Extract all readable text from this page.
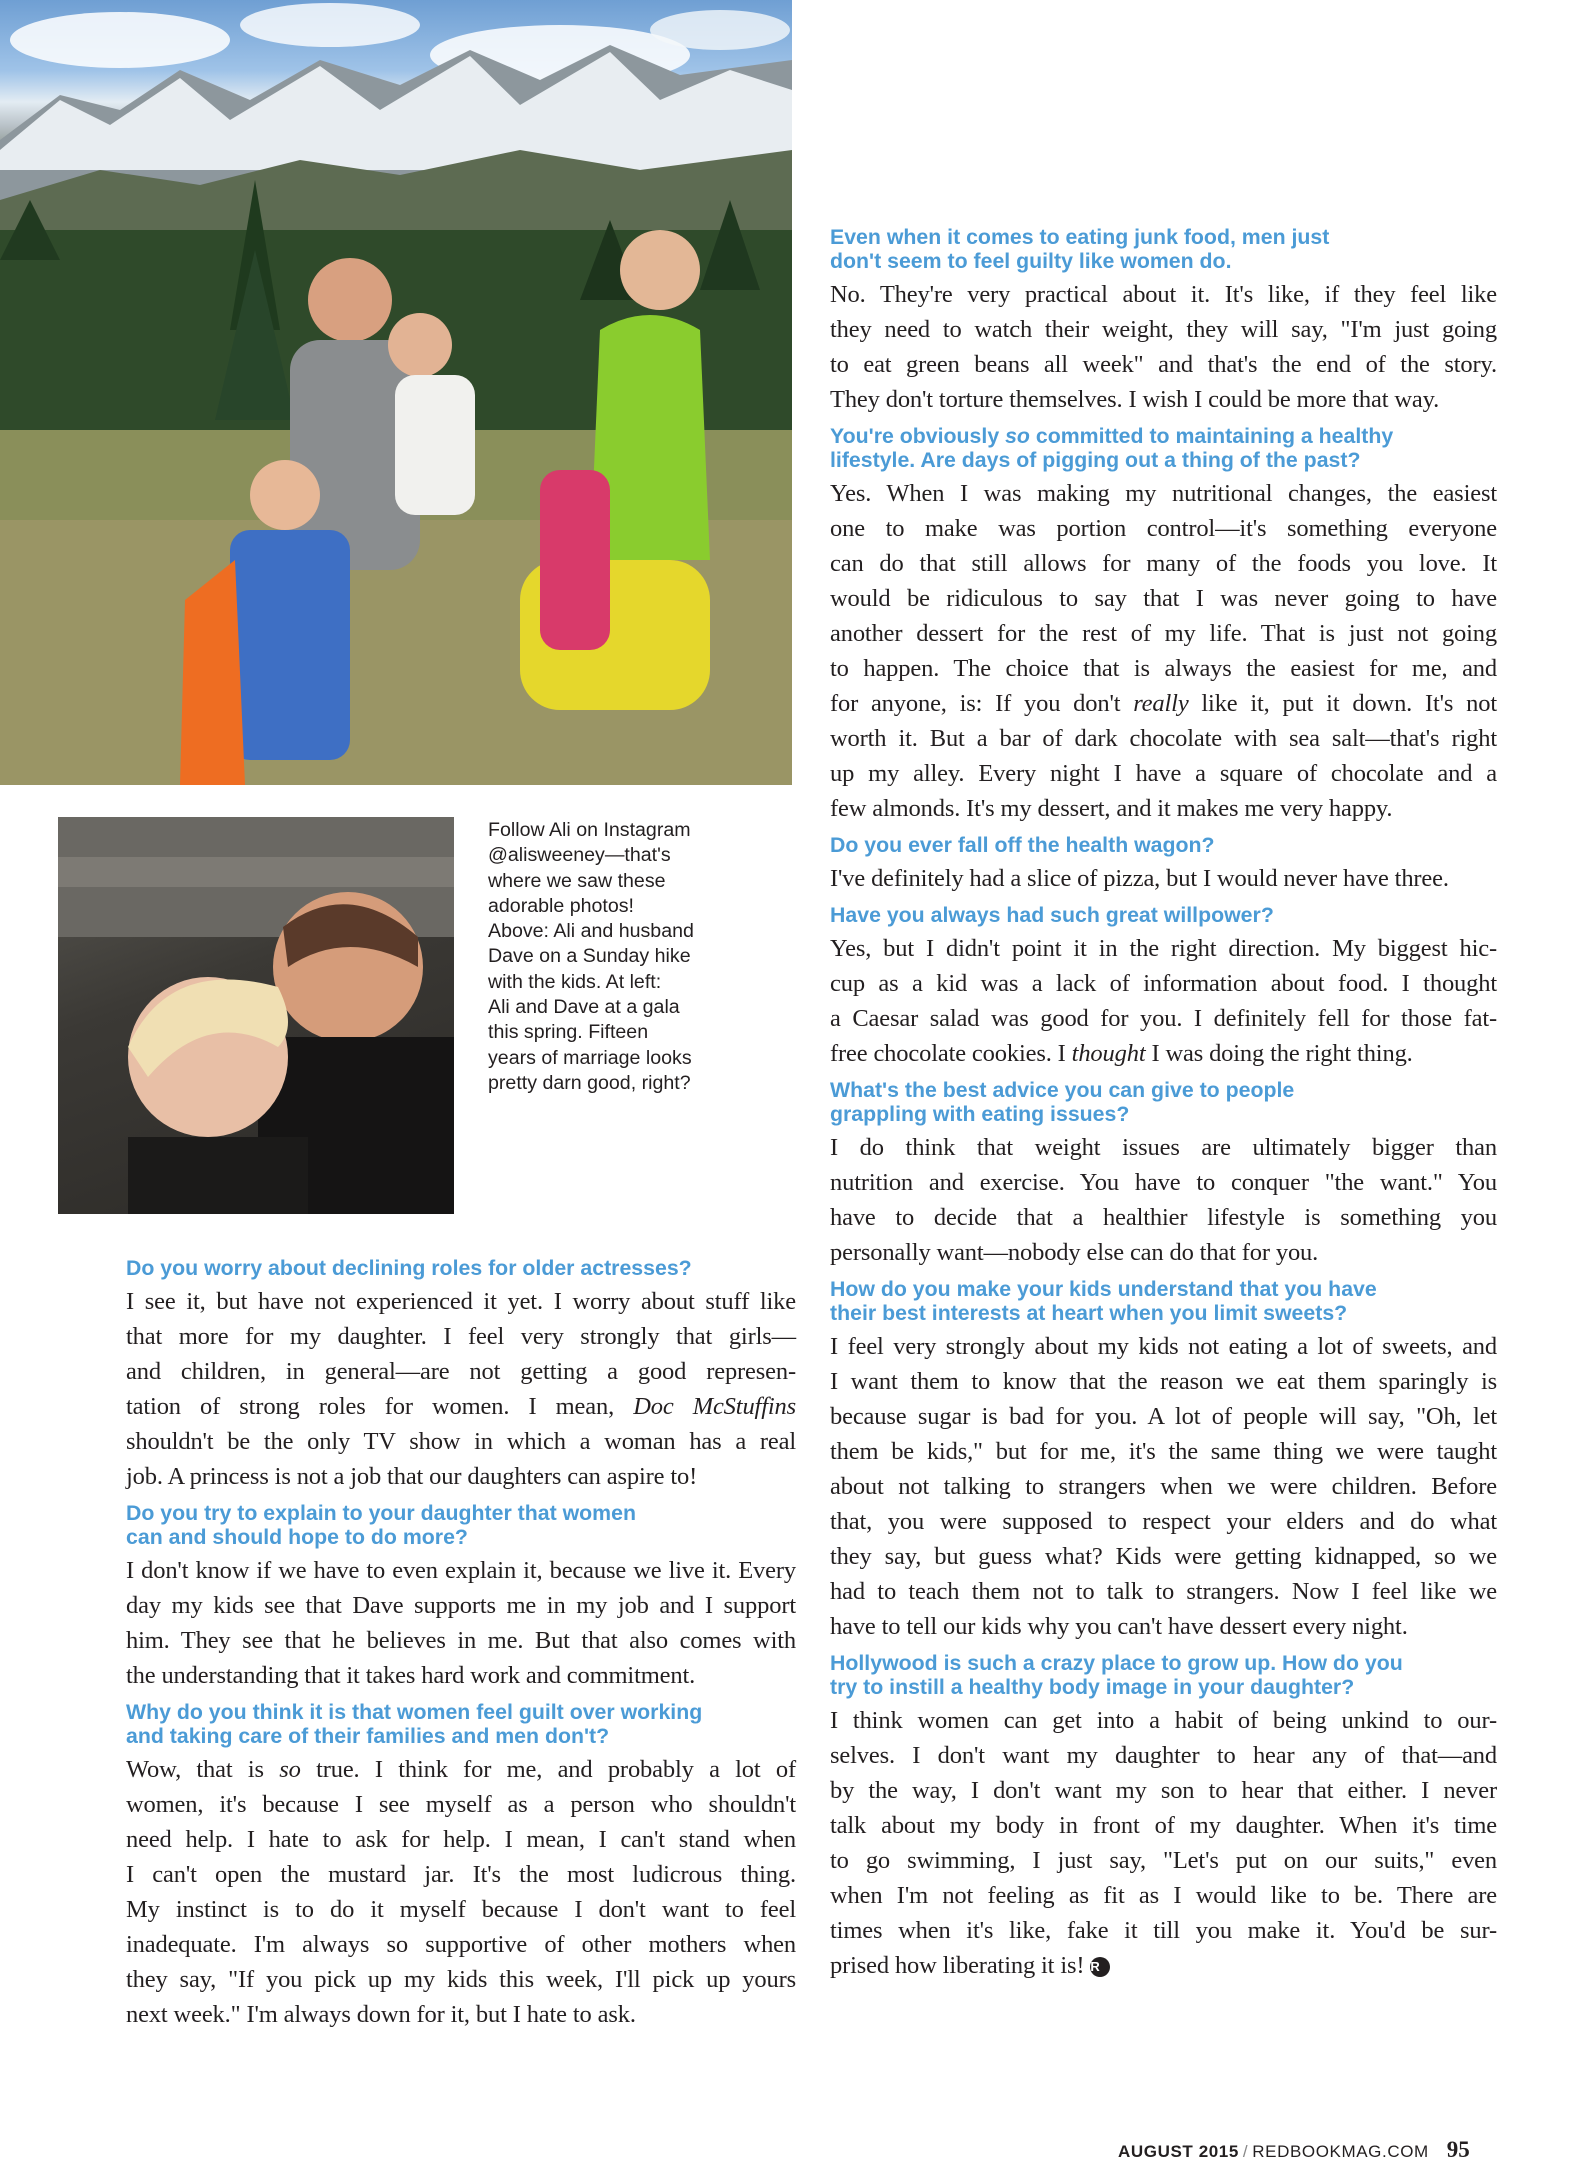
Follow Ali on Instagram
@alisweeney—that's
where we saw these
adorable photos!
Above: Ali and husband
Dave on a Sunday hike
with the kids. At left:
Ali and Dave at a gala
this spring. Fifteen
years of marriage looks
pretty darn good, right?
Do you worry about declining roles for older actresses?
I see it, but have not experienced it yet. I worry about stuff like
that more for my daughter. I feel very strongly that girls—
and children, in general—are not getting a good represen-
tation of strong roles for women. I mean, Doc McStuffins
shouldn't be the only TV show in which a woman has a real
job. A princess is not a job that our daughters can aspire to!
Do you try to explain to your daughter that women
can and should hope to do more?
I don't know if we have to even explain it, because we live it. Every
day my kids see that Dave supports me in my job and I support
him. They see that he believes in me. But that also comes with
the understanding that it takes hard work and commitment.
Why do you think it is that women feel guilt over working
and taking care of their families and men don't?
Wow, that is so true. I think for me, and probably a lot of
women, it's because I see myself as a person who shouldn't
need help. I hate to ask for help. I mean, I can't stand when
I can't open the mustard jar. It's the most ludicrous thing.
My instinct is to do it myself because I don't want to feel
inadequate. I'm always so supportive of other mothers when
they say, "If you pick up my kids this week, I'll pick up yours
next week." I'm always down for it, but I hate to ask.
Even when it comes to eating junk food, men just
don't seem to feel guilty like women do.
No. They're very practical about it. It's like, if they feel like
they need to watch their weight, they will say, "I'm just going
to eat green beans all week" and that's the end of the story.
They don't torture themselves. I wish I could be more that way.
You're obviously so committed to maintaining a healthy
lifestyle. Are days of pigging out a thing of the past?
Yes. When I was making my nutritional changes, the easiest
one to make was portion control—it's something everyone
can do that still allows for many of the foods you love. It
would be ridiculous to say that I was never going to have
another dessert for the rest of my life. That is just not going
to happen. The choice that is always the easiest for me, and
for anyone, is: If you don't really like it, put it down. It's not
worth it. But a bar of dark chocolate with sea salt—that's right
up my alley. Every night I have a square of chocolate and a
few almonds. It's my dessert, and it makes me very happy.
Do you ever fall off the health wagon?
I've definitely had a slice of pizza, but I would never have three.
Have you always had such great willpower?
Yes, but I didn't point it in the right direction. My biggest hic-
cup as a kid was a lack of information about food. I thought
a Caesar salad was good for you. I definitely fell for those fat-
free chocolate cookies. I thought I was doing the right thing.
What's the best advice you can give to people
grappling with eating issues?
I do think that weight issues are ultimately bigger than
nutrition and exercise. You have to conquer "the want." You
have to decide that a healthier lifestyle is something you
personally want—nobody else can do that for you.
How do you make your kids understand that you have
their best interests at heart when you limit sweets?
I feel very strongly about my kids not eating a lot of sweets, and
I want them to know that the reason we eat them sparingly is
because sugar is bad for you. A lot of people will say, "Oh, let
them be kids," but for me, it's the same thing we were taught
about not talking to strangers when we were children. Before
that, you were supposed to respect your elders and do what
they say, but guess what? Kids were getting kidnapped, so we
had to teach them not to talk to strangers. Now I feel like we
have to tell our kids why you can't have dessert every night.
Hollywood is such a crazy place to grow up. How do you
try to instill a healthy body image in your daughter?
I think women can get into a habit of being unkind to our-
selves. I don't want my daughter to hear any of that—and
by the way, I don't want my son to hear that either. I never
talk about my body in front of my daughter. When it's time
to go swimming, I just say, "Let's put on our suits," even
when I'm not feeling as fit as I would like to be. There are
times when it's like, fake it till you make it. You'd be sur-
prised how liberating it is! R
AUGUST 2015 / REDBOOKMAG.COM 95
